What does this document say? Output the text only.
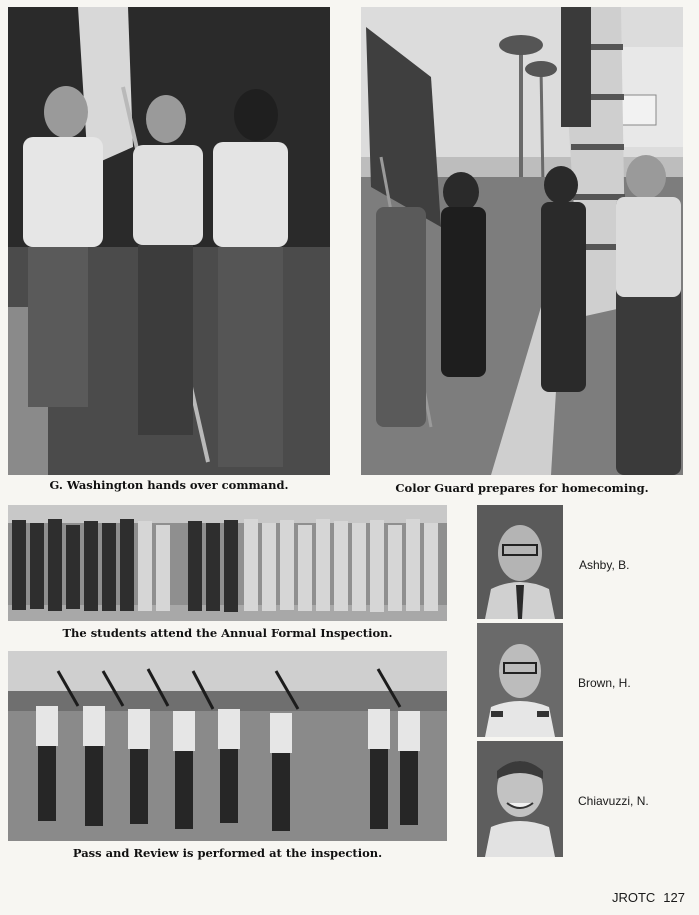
G. Washington hands over command.	Color Guard prepares for homecoming.
The students attend the Annual Formal Inspection.
Pass and Review is performed at the inspection.
Ashby, B.
Brown, H.
Chiavuzzi, N.
JROTC 127
